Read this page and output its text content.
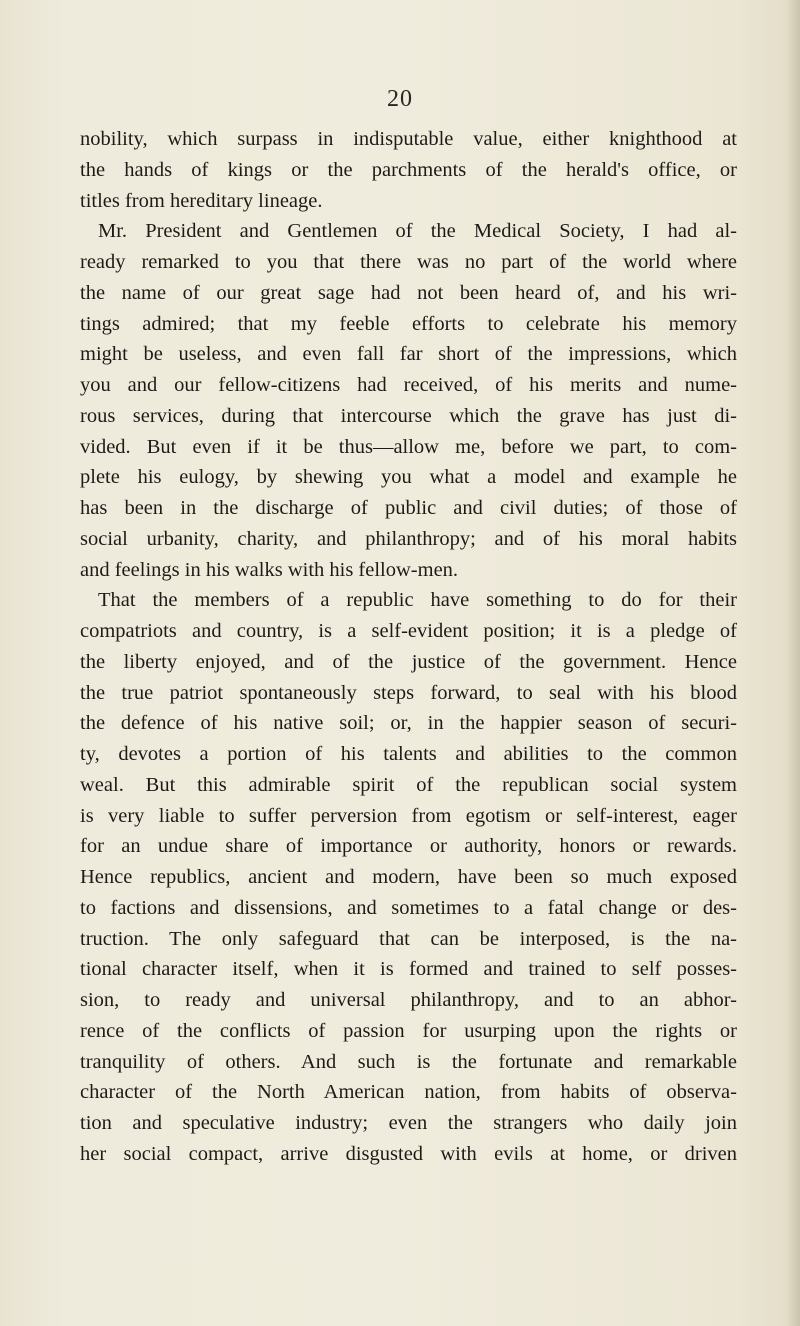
20
nobility, which surpass in indisputable value, either knighthood at
the hands of kings or the parchments of the herald's office, or
titles from hereditary lineage.
Mr. President and Gentlemen of the Medical Society, I had al-
ready remarked to you that there was no part of the world where
the name of our great sage had not been heard of, and his wri-
tings admired; that my feeble efforts to celebrate his memory
might be useless, and even fall far short of the impressions, which
you and our fellow-citizens had received, of his merits and nume-
rous services, during that intercourse which the grave has just di-
vided. But even if it be thus—allow me, before we part, to com-
plete his eulogy, by shewing you what a model and example he
has been in the discharge of public and civil duties; of those of
social urbanity, charity, and philanthropy; and of his moral habits
and feelings in his walks with his fellow-men.
That the members of a republic have something to do for their
compatriots and country, is a self-evident position; it is a pledge of
the liberty enjoyed, and of the justice of the government. Hence
the true patriot spontaneously steps forward, to seal with his blood
the defence of his native soil; or, in the happier season of securi-
ty, devotes a portion of his talents and abilities to the common
weal. But this admirable spirit of the republican social system
is very liable to suffer perversion from egotism or self-interest, eager
for an undue share of importance or authority, honors or rewards.
Hence republics, ancient and modern, have been so much exposed
to factions and dissensions, and sometimes to a fatal change or des-
truction. The only safeguard that can be interposed, is the na-
tional character itself, when it is formed and trained to self posses-
sion, to ready and universal philanthropy, and to an abhor-
rence of the conflicts of passion for usurping upon the rights or
tranquility of others. And such is the fortunate and remarkable
character of the North American nation, from habits of observa-
tion and speculative industry; even the strangers who daily join
her social compact, arrive disgusted with evils at home, or driven
